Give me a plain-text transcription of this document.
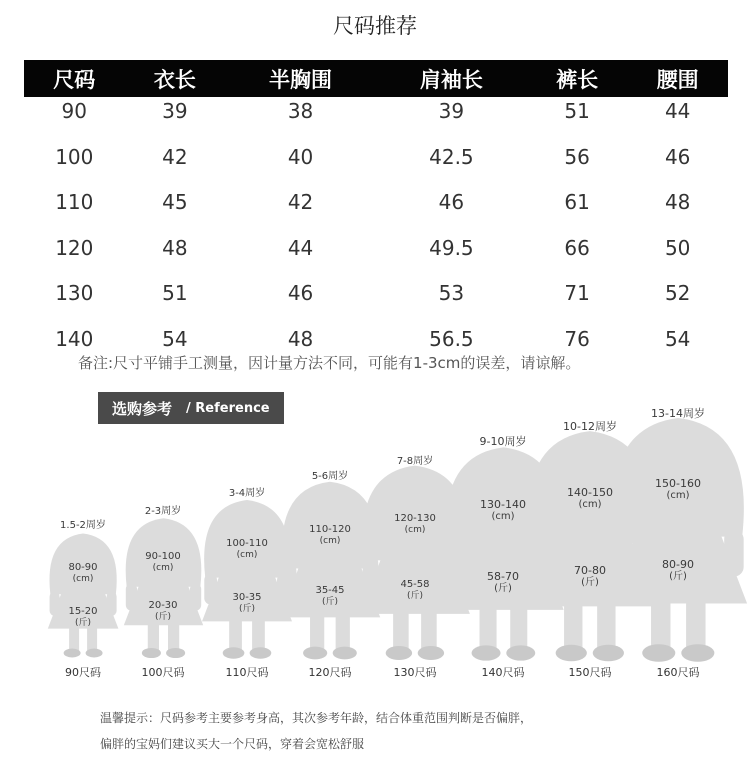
尺码推荐
尺码	衣长	半胸围	肩袖长	裤长	腰围
90	39	38	39	51	44
100	42	40	42.5	56	46
110	45	42	46	61	48
120	48	44	49.5	66	50
130	51	46	53	71	52
140	54	48	56.5	76	54
备注:尺寸平铺手工测量，因计量方法不同，可能有1-3cm的误差，请谅解。
选购参考 / Reference
1.5-2周岁
80-90
(cm)
15-20
(斤)
90尺码
2-3周岁
90-100
(cm)
20-30
(斤)
100尺码
3-4周岁
100-110
(cm)
30-35
(斤)
110尺码
5-6周岁
110-120
(cm)
35-45
(斤)
120尺码
7-8周岁
120-130
(cm)
45-58
(斤)
130尺码
9-10周岁
130-140
(cm)
58-70
(斤)
140尺码
10-12周岁
140-150
(cm)
70-80
(斤)
150尺码
13-14周岁
150-160
(cm)
80-90
(斤)
160尺码
温馨提示：尺码参考主要参考身高，其次参考年龄，结合体重范围判断是否偏胖，
偏胖的宝妈们建议买大一个尺码，穿着会宽松舒服
